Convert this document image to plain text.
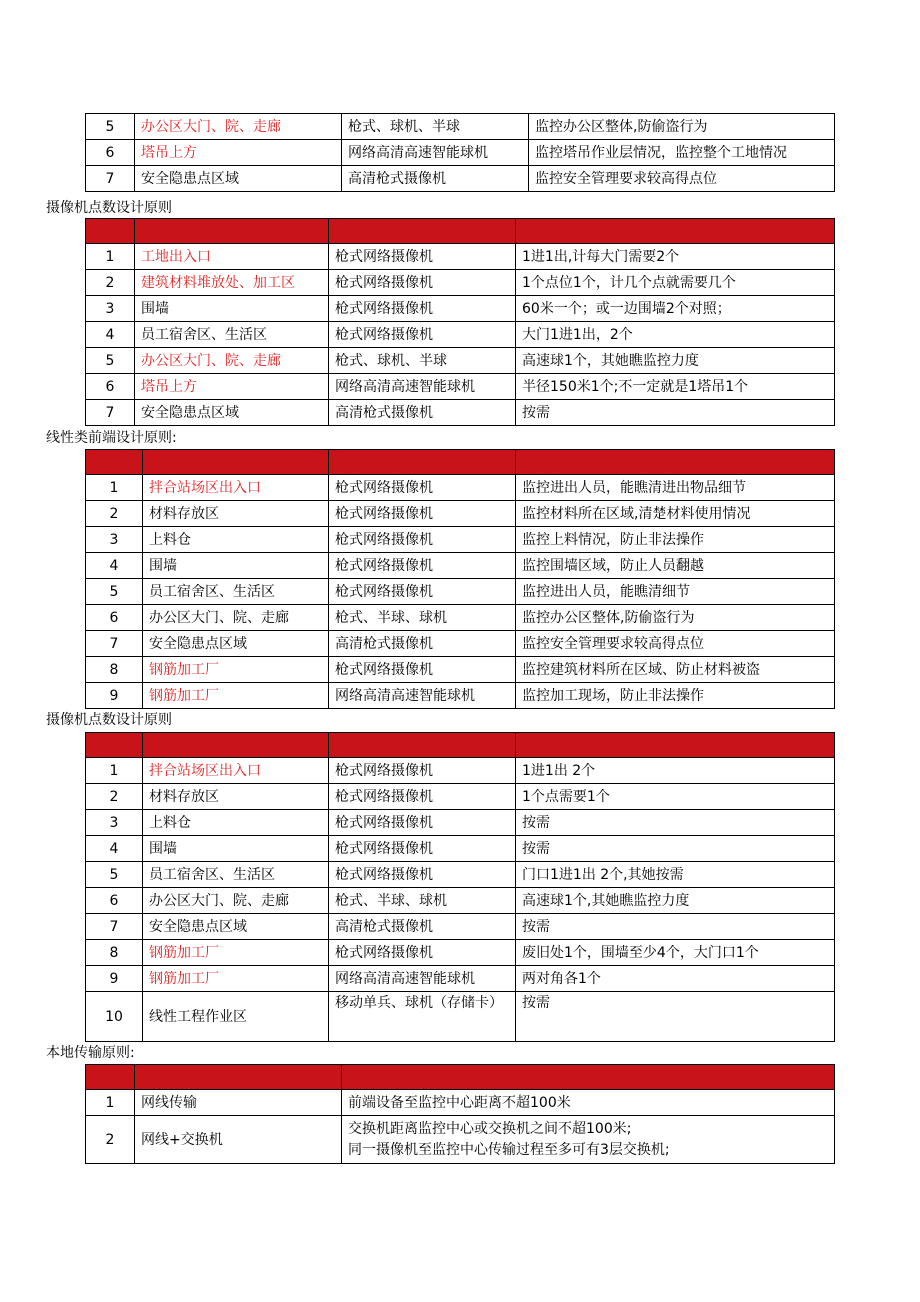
5	办公区大门、院、走廊	枪式、球机、半球	监控办公区整体,防偷盗行为
6	塔吊上方	网络高清高速智能球机	监控塔吊作业层情况，监控整个工地情况
7	安全隐患点区域	高清枪式摄像机	监控安全管理要求较高得点位
摄像机点数设计原则

1	工地出入口	枪式网络摄像机	1进1出,计每大门需要2个
2	建筑材料堆放处、加工区	枪式网络摄像机	1个点位1个，计几个点就需要几个
3	围墙	枪式网络摄像机	60米一个；或一边围墙2个对照；
4	员工宿舍区、生活区	枪式网络摄像机	大门1进1出，2个
5	办公区大门、院、走廊	枪式、球机、半球	高速球1个，其她瞧监控力度
6	塔吊上方	网络高清高速智能球机	半径150米1个;不一定就是1塔吊1个
7	安全隐患点区域	高清枪式摄像机	按需
线性类前端设计原则:

1	拌合站场区出入口	枪式网络摄像机	监控进出人员，能瞧清进出物品细节
2	材料存放区	枪式网络摄像机	监控材料所在区域,清楚材料使用情况
3	上料仓	枪式网络摄像机	监控上料情况，防止非法操作
4	围墙	枪式网络摄像机	监控围墙区域，防止人员翻越
5	员工宿舍区、生活区	枪式网络摄像机	监控进出人员，能瞧清细节
6	办公区大门、院、走廊	枪式、半球、球机	监控办公区整体,防偷盗行为
7	安全隐患点区域	高清枪式摄像机	监控安全管理要求较高得点位
8	钢筋加工厂	枪式网络摄像机	监控建筑材料所在区域、防止材料被盗
9	钢筋加工厂	网络高清高速智能球机	监控加工现场，防止非法操作
摄像机点数设计原则

1	拌合站场区出入口	枪式网络摄像机	1进1出 2个
2	材料存放区	枪式网络摄像机	1个点需要1个
3	上料仓	枪式网络摄像机	按需
4	围墙	枪式网络摄像机	按需
5	员工宿舍区、生活区	枪式网络摄像机	门口1进1出 2个,其她按需
6	办公区大门、院、走廊	枪式、半球、球机	高速球1个,其她瞧监控力度
7	安全隐患点区域	高清枪式摄像机	按需
8	钢筋加工厂	枪式网络摄像机	废旧处1个，围墙至少4个，大门口1个
9	钢筋加工厂	网络高清高速智能球机	两对角各1个
10	线性工程作业区	移动单兵、球机（存储卡）	按需
本地传输原则:

1	网线传输	前端设备至监控中心距离不超100米
2	网线+交换机	交换机距离监控中心或交换机之间不超100米;
同一摄像机至监控中心传输过程至多可有3层交换机;
